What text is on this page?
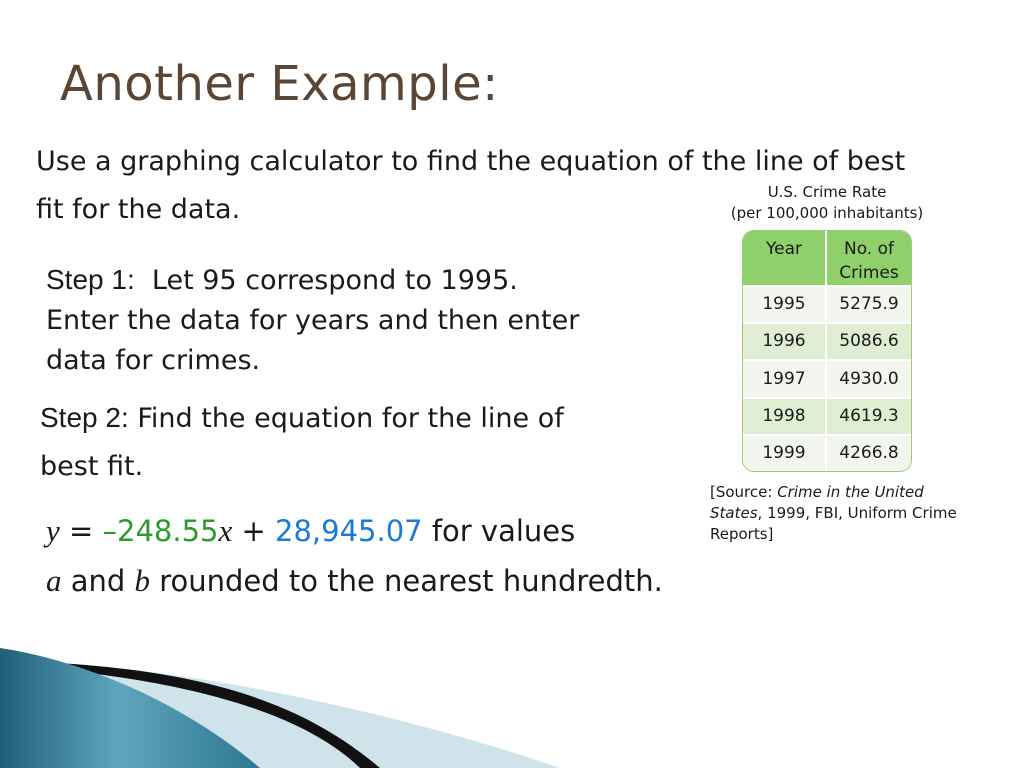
Another Example:
Use a graphing calculator to find the equation of the line of best fit for the data.
Step 1: Let 95 correspond to 1995. Enter the data for years and then enter data for crimes.
Step 2: Find the equation for the line of best fit.
y = –248.55x + 28,945.07 for values
a and b rounded to the nearest hundredth.
U.S. Crime Rate
(per 100,000 inhabitants)
Year	No. of Crimes
1995	5275.9
1996	5086.6
1997	4930.0
1998	4619.3
1999	4266.8
[Source: Crime in the United States, 1999, FBI, Uniform Crime Reports]
